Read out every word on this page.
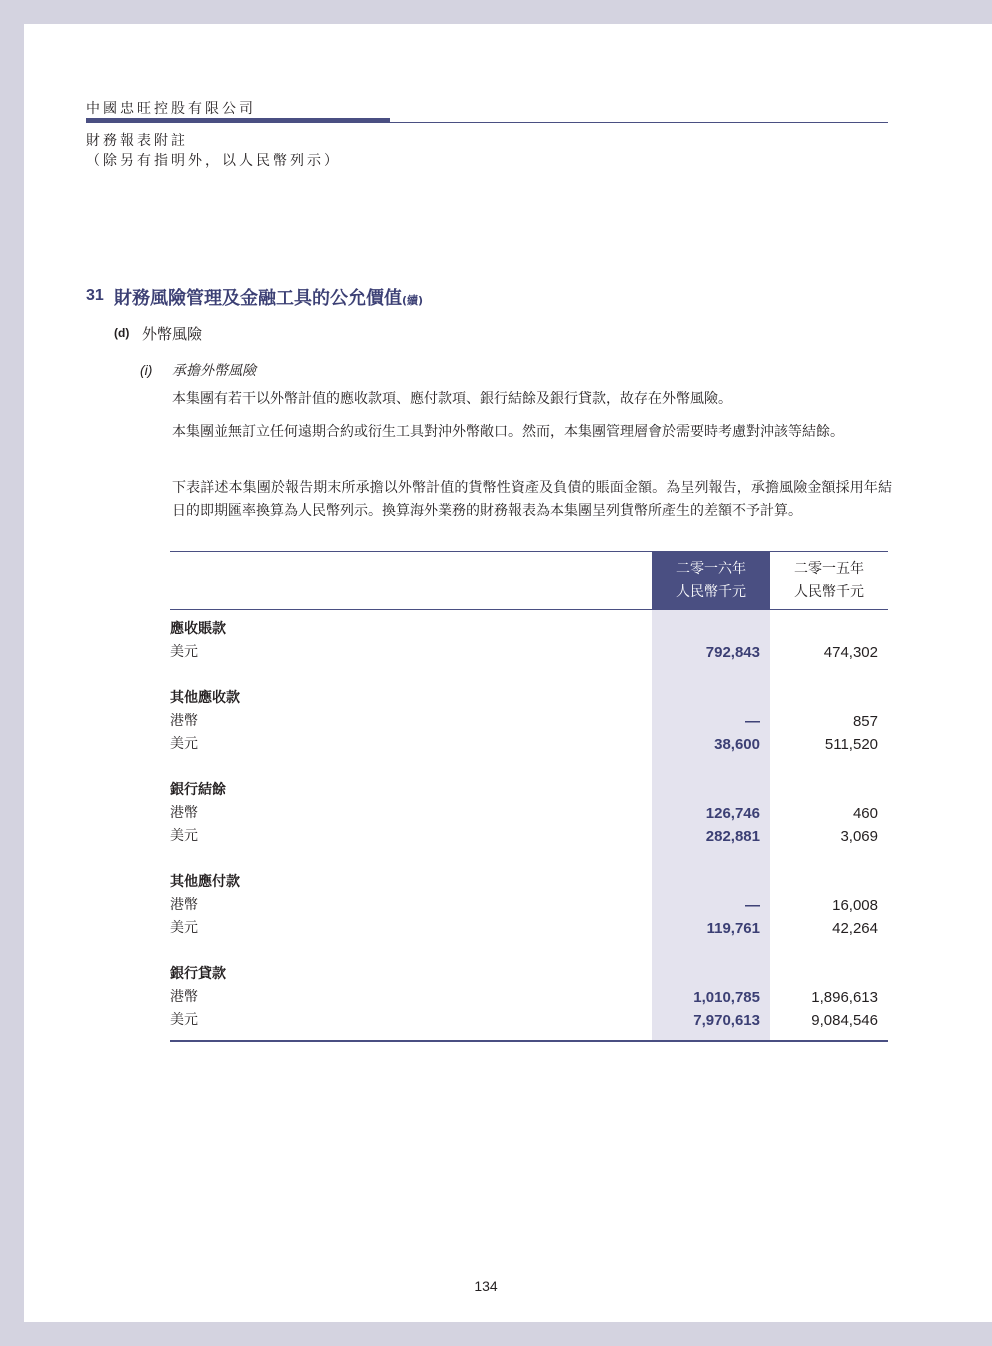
中國忠旺控股有限公司
財務報表附註
（除另有指明外，以人民幣列示）
31 財務風險管理及金融工具的公允價值(續)
(d) 外幣風險
(i) 承擔外幣風險
本集團有若干以外幣計值的應收款項、應付款項、銀行結餘及銀行貸款，故存在外幣風險。
本集團並無訂立任何遠期合約或衍生工具對沖外幣敞口。然而，本集團管理層會於需要時考慮對沖該等結餘。
下表詳述本集團於報告期末所承擔以外幣計值的貨幣性資產及負債的賬面金額。為呈列報告，承擔風險金額採用年結日的即期匯率換算為人民幣列示。換算海外業務的財務報表為本集團呈列貨幣所產生的差額不予計算。
二零一六年
人民幣千元
二零一五年
人民幣千元
應收賬款
美元	792,843	474,302
其他應收款
港幣	—	857
美元	38,600	511,520
銀行結餘
港幣	126,746	460
美元	282,881	3,069
其他應付款
港幣	—	16,008
美元	119,761	42,264
銀行貸款
港幣	1,010,785	1,896,613
美元	7,970,613	9,084,546
134
